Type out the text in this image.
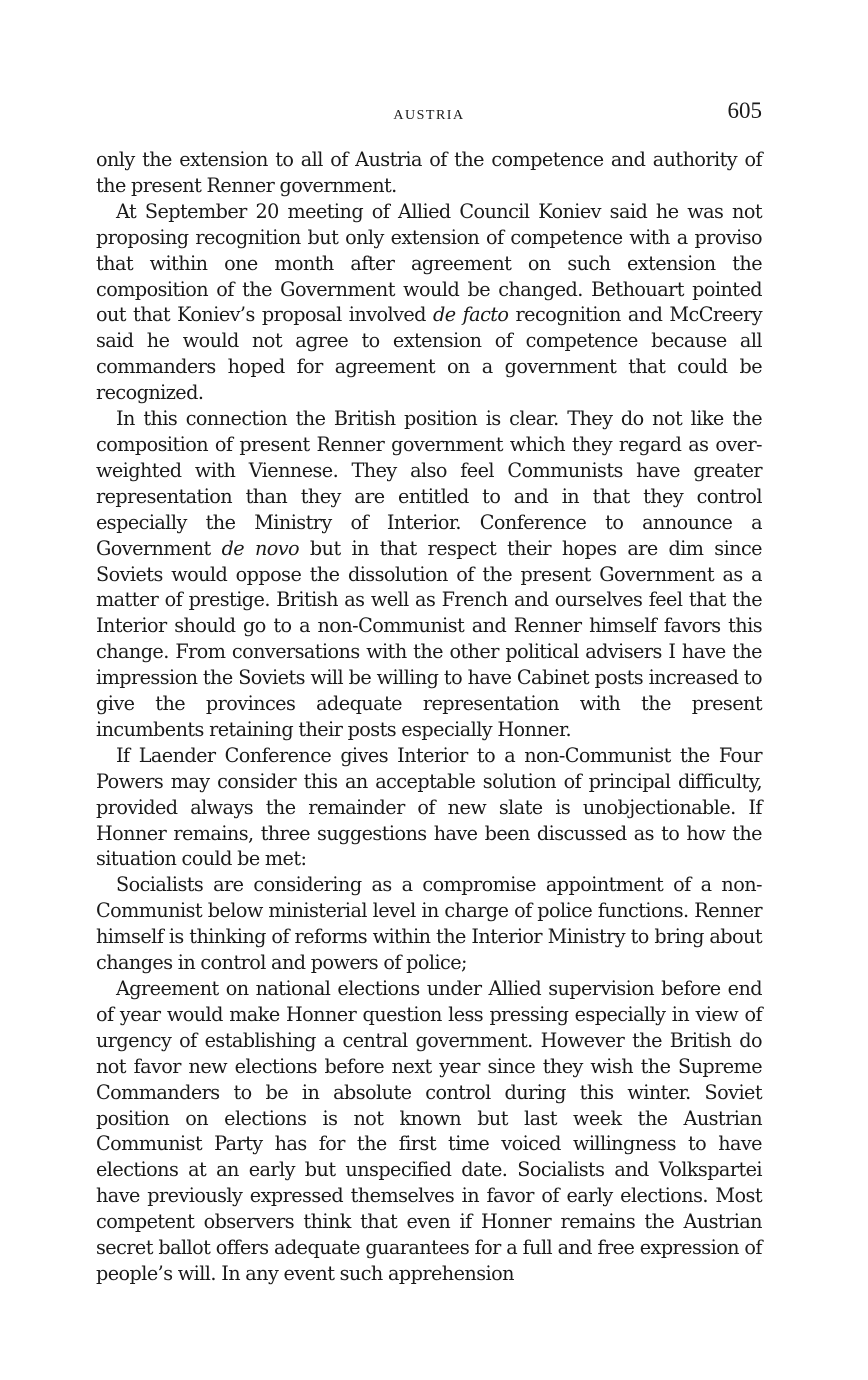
AUSTRIA	605

only the extension to all of Austria of the competence and authority of the present Renner government.

At September 20 meeting of Allied Council Koniev said he was not proposing recognition but only extension of competence with a proviso that within one month after agreement on such extension the composition of the Government would be changed. Bethouart pointed out that Koniev’s proposal involved de facto recognition and McCreery said he would not agree to extension of competence because all commanders hoped for agreement on a government that could be recognized.

In this connection the British position is clear. They do not like the composition of present Renner government which they regard as over-weighted with Viennese. They also feel Communists have greater representation than they are entitled to and in that they control especially the Ministry of Interior. Conference to announce a Government de novo but in that respect their hopes are dim since Soviets would oppose the dissolution of the present Government as a matter of prestige. British as well as French and ourselves feel that the Interior should go to a non-Communist and Renner himself favors this change. From conversations with the other political advisers I have the impression the Soviets will be willing to have Cabinet posts increased to give the provinces adequate representation with the present incumbents retaining their posts especially Honner.

If Laender Conference gives Interior to a non-Communist the Four Powers may consider this an acceptable solution of principal difficulty, provided always the remainder of new slate is unobjectionable. If Honner remains, three suggestions have been discussed as to how the situation could be met:

Socialists are considering as a compromise appointment of a non-Communist below ministerial level in charge of police functions. Renner himself is thinking of reforms within the Interior Ministry to bring about changes in control and powers of police;

Agreement on national elections under Allied supervision before end of year would make Honner question less pressing especially in view of urgency of establishing a central government. However the British do not favor new elections before next year since they wish the Supreme Commanders to be in absolute control during this winter. Soviet position on elections is not known but last week the Austrian Communist Party has for the first time voiced willingness to have elections at an early but unspecified date. Socialists and Volkspartei have previously expressed themselves in favor of early elections. Most competent observers think that even if Honner remains the Austrian secret ballot offers adequate guarantees for a full and free expression of people’s will. In any event such apprehension
